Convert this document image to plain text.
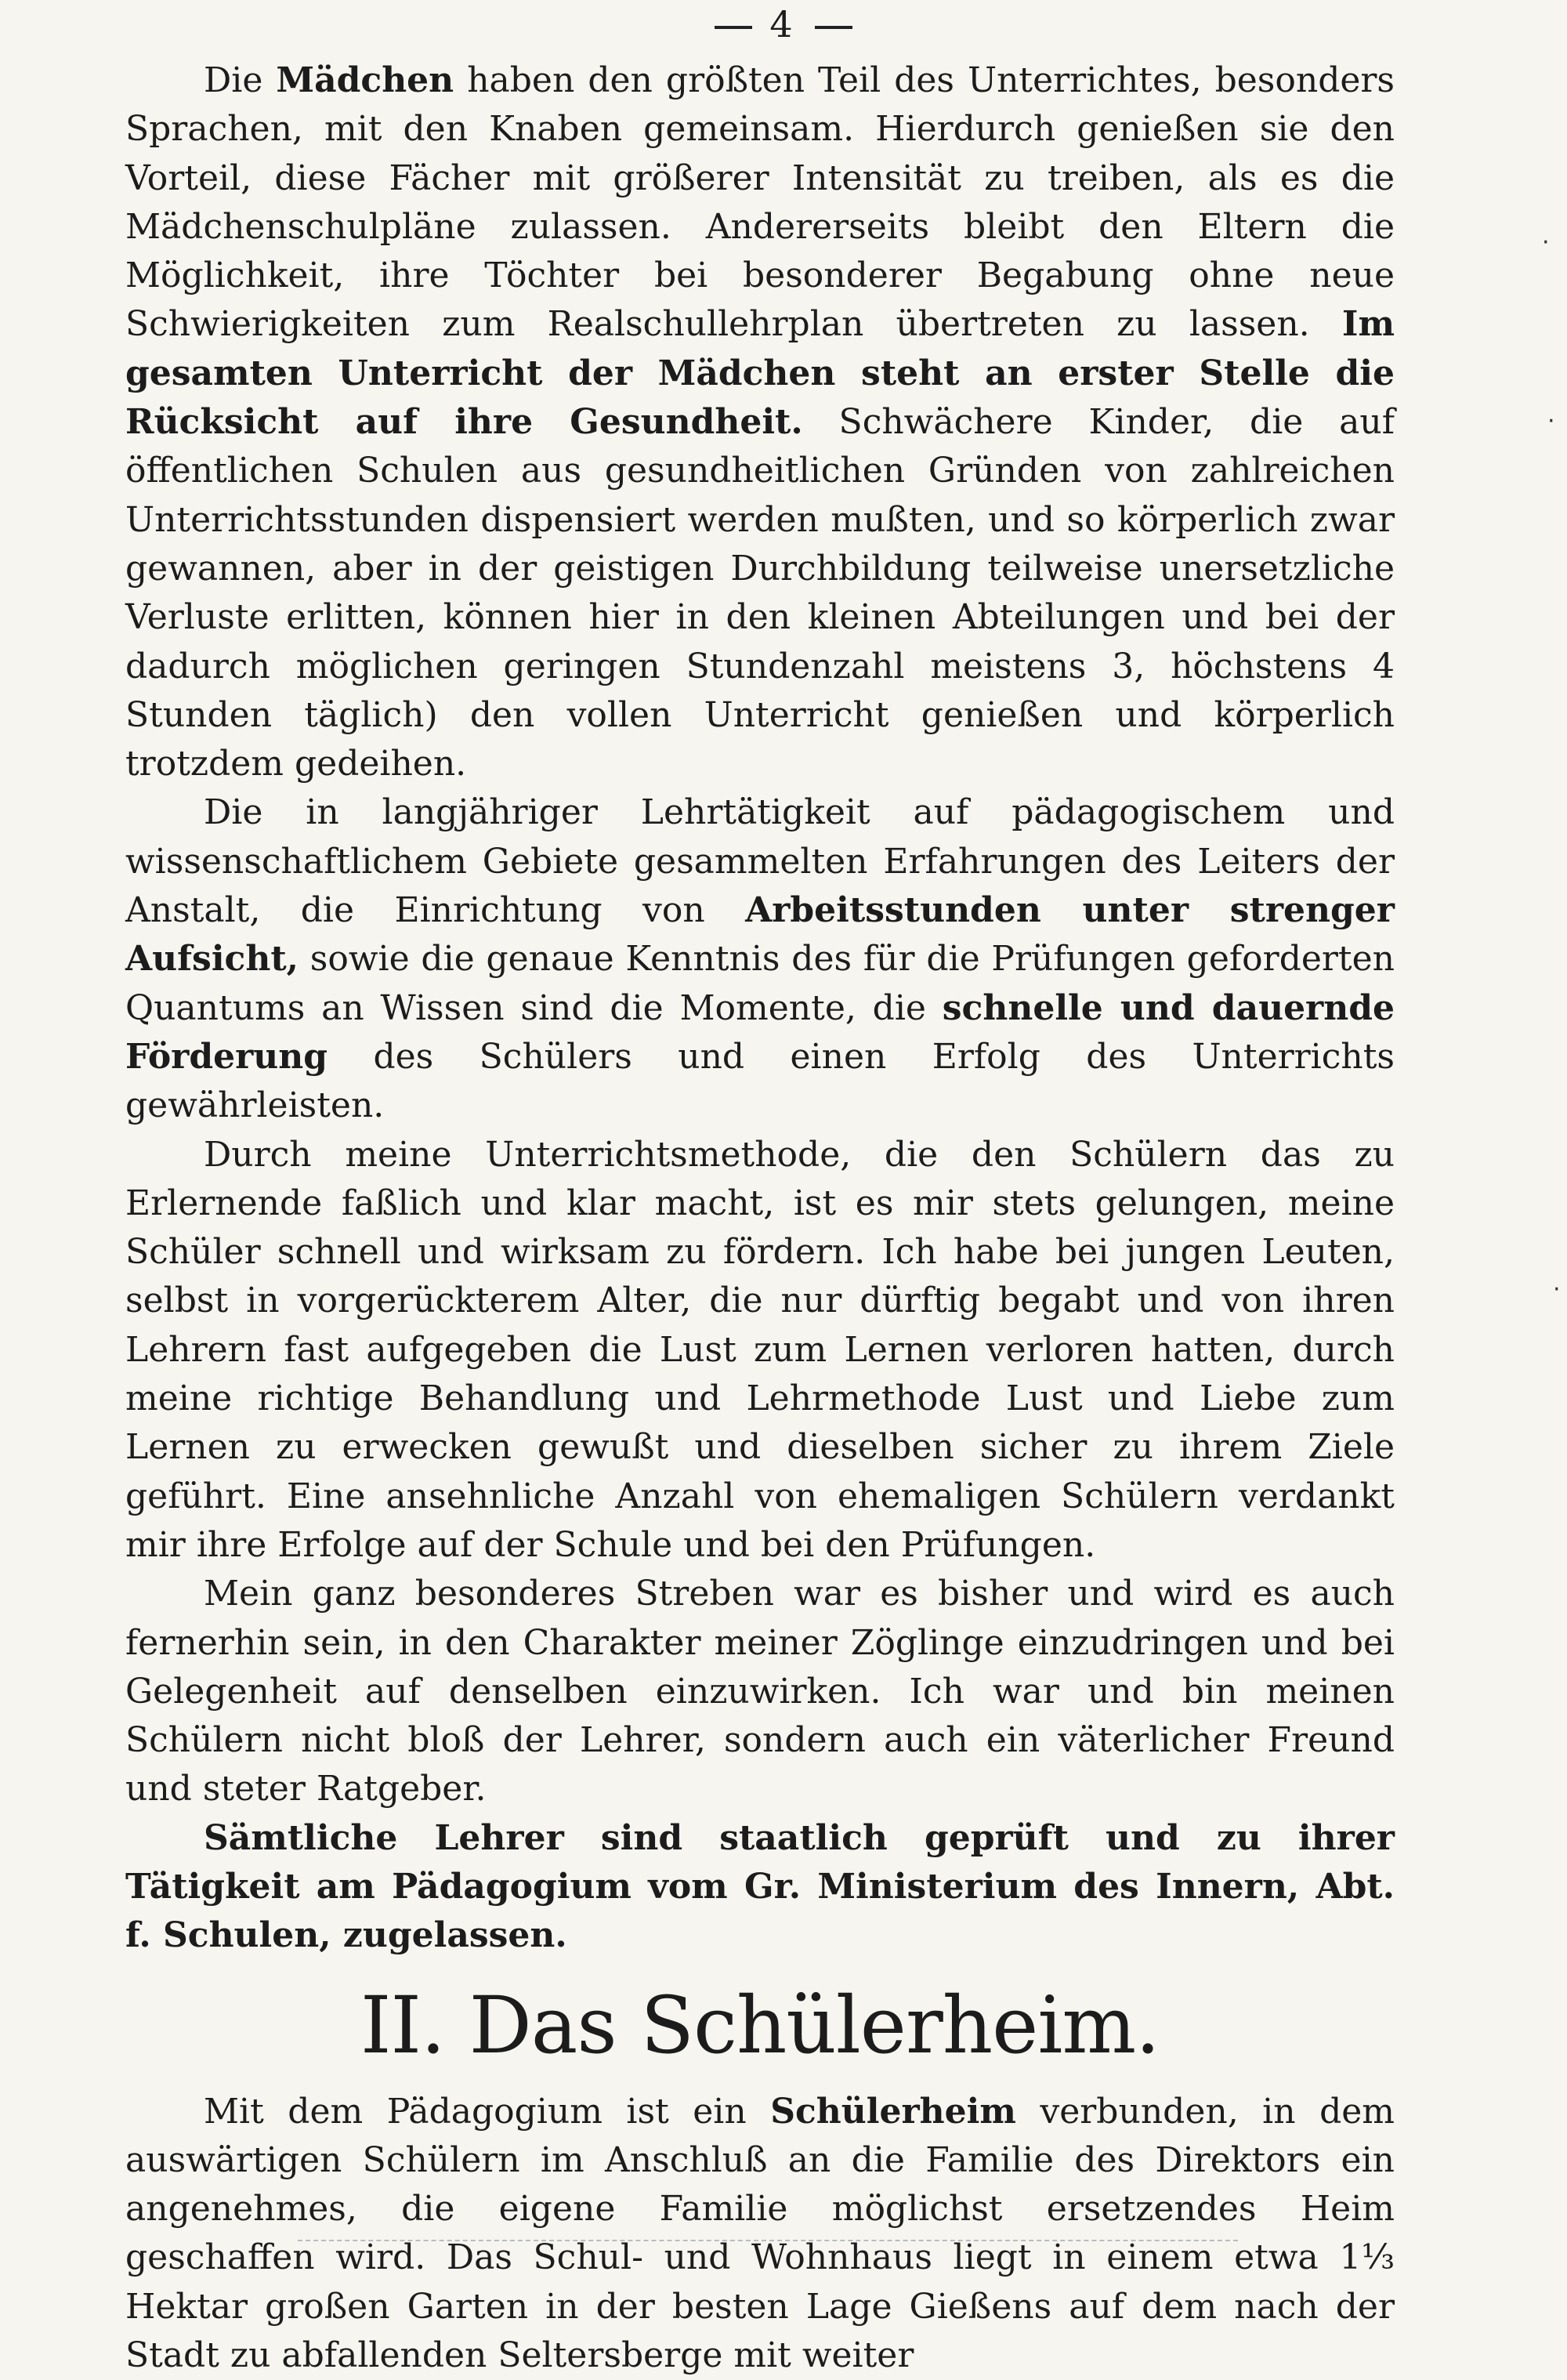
4
·
·
·

Die Mädchen haben den größten Teil des Unterrichtes, besonders Sprachen, mit den Knaben gemeinsam. Hierdurch genießen sie den Vorteil, diese Fächer mit größerer Intensität zu treiben, als es die Mädchenschulpläne zulassen. Andererseits bleibt den Eltern die Möglichkeit, ihre Töchter bei besonderer Begabung ohne neue Schwierigkeiten zum Realschullehrplan übertreten zu lassen. Im gesamten Unterricht der Mädchen steht an erster Stelle die Rücksicht auf ihre Gesundheit. Schwächere Kinder, die auf öffentlichen Schulen aus gesundheitlichen Gründen von zahlreichen Unterrichtsstunden dispensiert werden mußten, und so körperlich zwar gewannen, aber in der geistigen Durchbildung teilweise unersetzliche Verluste erlitten, können hier in den kleinen Abteilungen und bei der dadurch möglichen geringen Stundenzahl meistens 3, höchstens 4 Stunden täglich) den vollen Unterricht genießen und körperlich trotzdem gedeihen.

Die in langjähriger Lehrtätigkeit auf pädagogischem und wissenschaftlichem Gebiete gesammelten Erfahrungen des Leiters der Anstalt, die Einrichtung von Arbeitsstunden unter strenger Aufsicht, sowie die genaue Kenntnis des für die Prüfungen geforderten Quantums an Wissen sind die Momente, die schnelle und dauernde Förderung des Schülers und einen Erfolg des Unterrichts gewährleisten.

Durch meine Unterrichtsmethode, die den Schülern das zu Erlernende faßlich und klar macht, ist es mir stets gelungen, meine Schüler schnell und wirksam zu fördern. Ich habe bei jungen Leuten, selbst in vorgerückterem Alter, die nur dürftig begabt und von ihren Lehrern fast aufgegeben die Lust zum Lernen verloren hatten, durch meine richtige Behandlung und Lehrmethode Lust und Liebe zum Lernen zu erwecken gewußt und dieselben sicher zu ihrem Ziele geführt. Eine ansehnliche Anzahl von ehemaligen Schülern verdankt mir ihre Erfolge auf der Schule und bei den Prüfungen.

Mein ganz besonderes Streben war es bisher und wird es auch fernerhin sein, in den Charakter meiner Zöglinge einzudringen und bei Gelegenheit auf denselben einzuwirken. Ich war und bin meinen Schülern nicht bloß der Lehrer, sondern auch ein väterlicher Freund und steter Ratgeber.

Sämtliche Lehrer sind staatlich geprüft und zu ihrer Tätigkeit am Pädagogium vom Gr. Ministerium des Innern, Abt. f. Schulen, zugelassen.

II. Das Schülerheim.

Mit dem Pädagogium ist ein Schülerheim verbunden, in dem auswärtigen Schülern im Anschluß an die Familie des Direktors ein angenehmes, die eigene Familie möglichst ersetzendes Heim geschaffen wird. Das Schul- und Wohnhaus liegt in einem etwa 1⅓ Hektar großen Garten in der besten Lage Gießens auf dem nach der Stadt zu abfallenden Seltersberge mit weiter
